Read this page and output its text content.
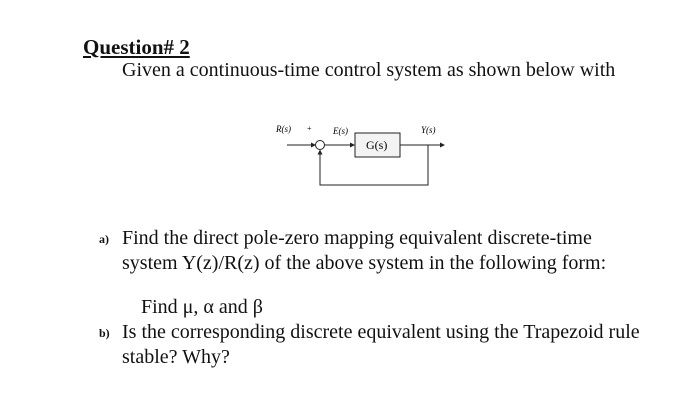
Question# 2
Given a continuous-time control system as shown below with
R(s) + E(s)
G(s)
Y(s)
a) Find the direct pole-zero mapping equivalent discrete-time system Y(z)/R(z) of the above system in the following form:
Find μ, α and β
b) Is the corresponding discrete equivalent using the Trapezoid rule stable? Why?
